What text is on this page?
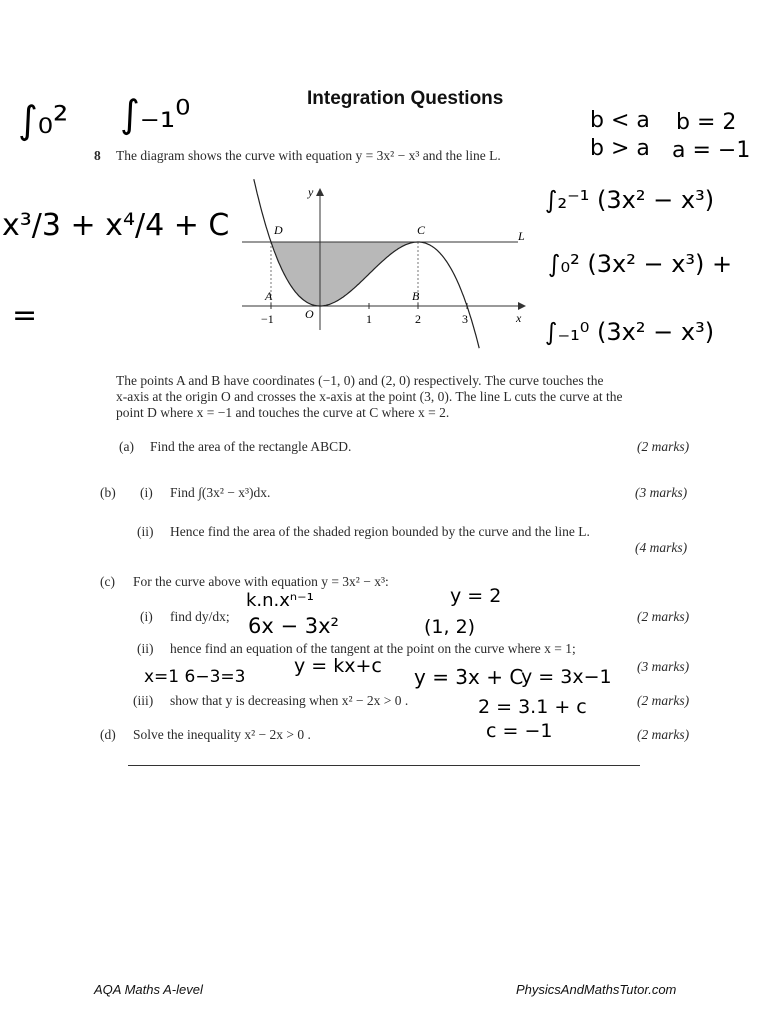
Integration Questions
8 The diagram shows the curve with equation y = 3x² − x³ and the line L.
y
x
D	C	L
A	B
O
−1	1	2	3
The points A and B have coordinates (−1, 0) and (2, 0) respectively. The curve touches the
x-axis at the origin O and crosses the x-axis at the point (3, 0). The line L cuts the curve at the
point D where x = −1 and touches the curve at C where x = 2.
(a) Find the area of the rectangle ABCD.	(2 marks)
(b) (i) Find ∫(3x² − x³)dx.	(3 marks)
(ii) Hence find the area of the shaded region bounded by the curve and the line L.
(4 marks)
(c) For the curve above with equation y = 3x² − x³:
(i) find dy/dx;	(2 marks)
(ii) hence find an equation of the tangent at the point on the curve where x = 1;
(3 marks)
(iii) show that y is decreasing when x² − 2x > 0 .	(2 marks)
(d) Solve the inequality x² − 2x > 0 .	(2 marks)
∫₀² ∫₋₁⁰
x³/3 + x⁴/4 + C
=
b < a b = 2
b > a a = −1
∫₂⁻¹ (3x² − x³)
∫₀² (3x² − x³) +
∫₋₁⁰ (3x² − x³)
k.n.xⁿ⁻¹	y = 2
6x − 3x²	(1, 2)
x=1 6−3=3	y = kx+c y = 3x + C
y = 3x−1
2 = 3.1 + c
c = −1
AQA Maths A-level	PhysicsAndMathsTutor.com
